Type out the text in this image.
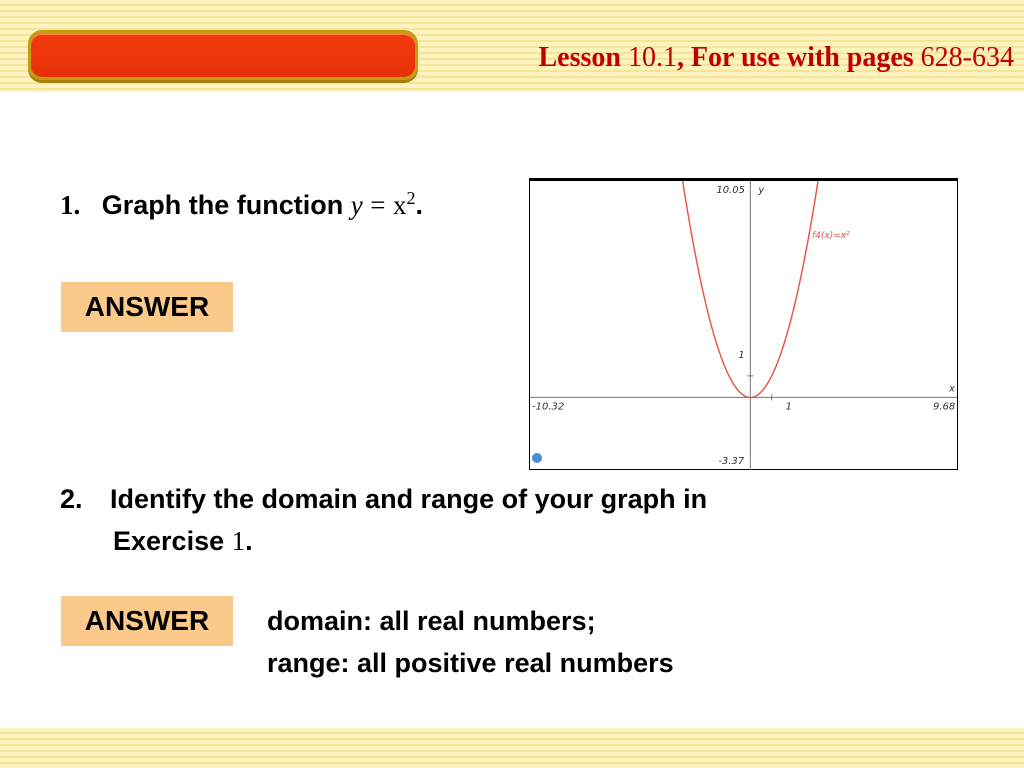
Lesson 10.1, For use with pages 628-634
1. Graph the function $y = x^2$.
ANSWER
10.05 y
1
1
-10.32	9.68
x
-3.37
f4(x)=x²
2. Identify the domain and range of your graph in
Exercise 1.
ANSWER	domain: all real numbers;
range: all positive real numbers
